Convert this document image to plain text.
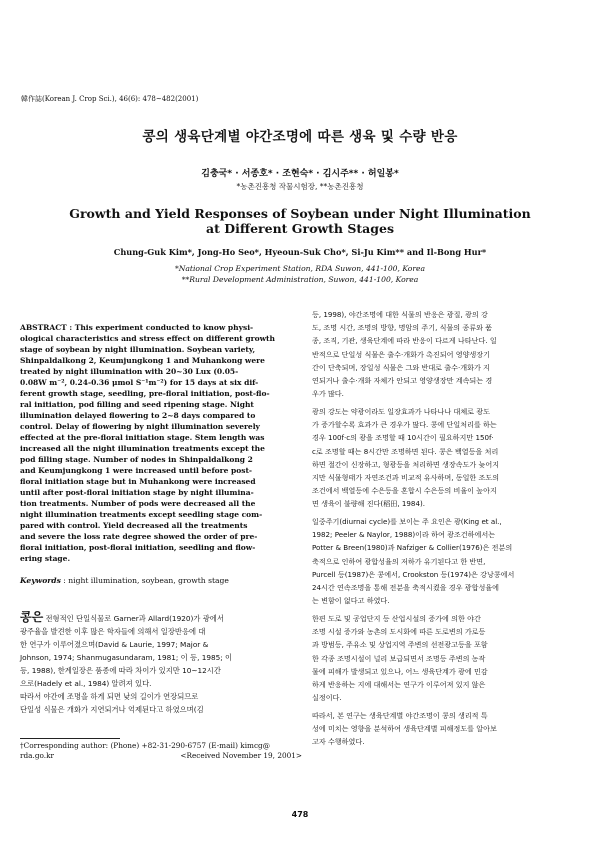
韓作誌(Korean J. Crop Sci.), 46(6): 478~482(2001)
콩의 생육단계별 야간조명에 따른 생육 및 수량 반응
김충국* · 서종호* · 조현숙* · 김시주** · 허일봉*
*농촌진흥청 작물시험장, **농촌진흥청
Growth and Yield Responses of Soybean under Night Illumination
at Different Growth Stages
Chung-Guk Kim*, Jong-Ho Seo*, Hyeoun-Suk Cho*, Si-Ju Kim** and Il-Bong Hur*
*National Crop Experiment Station, RDA Suwon, 441-100, Korea
**Rural Development Administration, Suwon, 441-100, Korea
ABSTRACT : This experiment conducted to know physi-
ological characteristics and stress effect on different growth
stage of soybean by night illumination. Soybean variety,
Shinpaldalkong 2, Keumjungkong 1 and Muhankong were
treated by night illumination with 20~30 Lux (0.05-
0.08W m⁻², 0.24-0.36 μmol S⁻¹m⁻²) for 15 days at six dif-
ferent growth stage, seedling, pre-floral initiation, post-flo-
ral initiation, pod filling and seed ripening stage. Night
illumination delayed flowering to 2~8 days compared to
control. Delay of flowering by night illumination severely
effected at the pre-floral initiation stage. Stem length was
increased all the night illumination treatments except the
pod filling stage. Number of nodes in Shinpaldalkong 2
and Keumjungkong 1 were increased until before post-
floral initiation stage but in Muhankong were increased
until after post-floral initiation stage by night illumina-
tion treatments. Number of pods were decreased all the
night illumination treatments except seedling stage com-
pared with control. Yield decreased all the treatments
and severe the loss rate degree showed the order of pre-
floral initiation, post-floral initiation, seedling and flow-
ering stage.
Keywords : night illumination, soybean, growth stage
콩은 전형적인 단일식물로 Garner과 Allard(1920)가 광에서
광주율을 발견한 이후 많은 학자들에 의해서 일장반응에 대
한 연구가 이루어졌으며(David & Laurie, 1997; Major &
Johnson, 1974; Shanmugasundaram, 1981; 이 등, 1985; 이
등, 1988), 한계일장은 품종에 따라 차이가 있지만 10~12시간
으로(Hadely et al., 1984) 알려져 있다.
따라서 야간에 조명을 하게 되면 낮의 길이가 연장되므로
단일성 식물은 개화가 지연되거나 억제된다고 하였으며(김
†Corresponding author: (Phone) +82-31-290-6757 (E-mail) kimcg@
rda.go.kr	<Received November 19, 2001>
등, 1998), 야간조명에 대한 식물의 반응은 광질, 광의 강
도, 조명 시간, 조명의 방향, 명암의 주기, 식물의 종류와 품
종, 조직, 기관, 생육단계에 따라 반응이 다르게 나타난다. 일
반적으로 단일성 식물은 출수·개화가 촉진되어 영양생장기
간이 단축되며, 장일성 식물은 그와 반대로 출수·개화가 지
연되거나 출수·개화 자체가 안되고 영양생장만 계속되는 경
우가 많다.
광의 강도는 약광이라도 일장효과가 나타나나 대체로 광도
가 증가할수록 효과가 큰 경우가 많다. 콩에 단일처리를 하는
경우 100f·c의 광을 조명할 때 10시간이 필요하지만 150f·
c로 조명할 때는 8시간만 조명하면 된다. 콩은 백열등을 처리
하면 절간이 신장하고, 형광등을 처리하면 생장속도가 늦어지
지만 식물형태가 자연조건과 비교적 유사하며, 동일한 조도의
조건에서 백열등에 수은등을 혼합시 수은등의 비율이 높아지
면 생육이 불량해 진다(稻田, 1984).
일중주기(diurnai cycle)를 보이는 주 요인은 광(King et al.,
1982; Peeler & Naylor, 1988)이라 하여 광조건하에서는
Potter & Breen(1980)과 Nafziger & Collier(1976)은 전분의
축적으로 인하여 광합성율의 저하가 유기된다고 한 반면,
Purcell 등(1987)은 콩에서, Crookston 등(1974)은 강낭콩에서
24시간 연속조명을 통해 전분을 축적시켰을 경우 광합성율에
는 변함이 없다고 하였다.
한편 도로 및 공업단지 등 산업시설의 증가에 의한 야간
조명 시설 증가와 농촌의 도시화에 따른 도로변의 가로등
과 방범등, 주유소 및 상업지역 주변의 선전광고등을 포함
한 각종 조명시설이 널리 보급되면서 조명등 주변의 농작
물에 피해가 발생되고 있으나, 어느 생육단계가 광에 민감
하게 반응하는 지에 대해서는 연구가 이루어져 있지 않은
실정이다.
따라서, 본 연구는 생육단계별 야간조명이 콩의 생리적 특
성에 미치는 영향을 분석하여 생육단계별 피해정도를 알아보
고자 수행하였다.
478
